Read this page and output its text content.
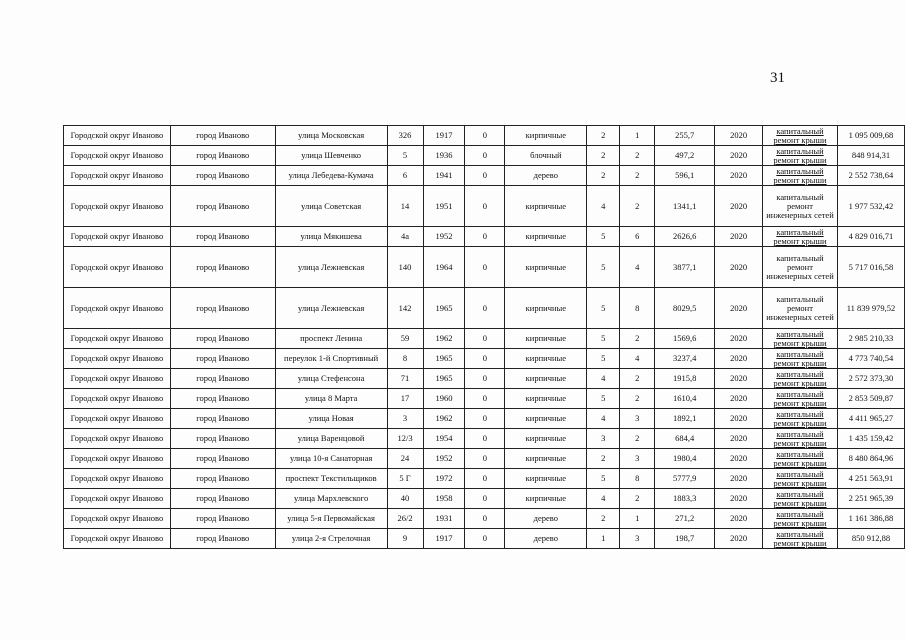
31
Городской округ Иваново	город Иваново	улица Московская	326	1917	0	кирпичные	2	1	255,7	2020	капитальный ремонт крыши	1 095 009,68
Городской округ Иваново	город Иваново	улица Шевченко	5	1936	0	блочный	2	2	497,2	2020	капитальный ремонт крыши	848 914,31
Городской округ Иваново	город Иваново	улица Лебедева-Кумача	6	1941	0	дерево	2	2	596,1	2020	капитальный ремонт крыши	2 552 738,64
Городской округ Иваново	город Иваново	улица Советская	14	1951	0	кирпичные	4	2	1341,1	2020	капитальный ремонт инженерных сетей	1 977 532,42
Городской округ Иваново	город Иваново	улица Мякишева	4а	1952	0	кирпичные	5	6	2626,6	2020	капитальный ремонт крыши	4 829 016,71
Городской округ Иваново	город Иваново	улица Лежневская	140	1964	0	кирпичные	5	4	3877,1	2020	капитальный ремонт инженерных сетей	5 717 016,58
Городской округ Иваново	город Иваново	улица Лежневская	142	1965	0	кирпичные	5	8	8029,5	2020	капитальный ремонт инженерных сетей	11 839 979,52
Городской округ Иваново	город Иваново	проспект Ленина	59	1962	0	кирпичные	5	2	1569,6	2020	капитальный ремонт крыши	2 985 210,33
Городской округ Иваново	город Иваново	переулок 1-й Спортивный	8	1965	0	кирпичные	5	4	3237,4	2020	капитальный ремонт крыши	4 773 740,54
Городской округ Иваново	город Иваново	улица Стефенсона	71	1965	0	кирпичные	4	2	1915,8	2020	капитальный ремонт крыши	2 572 373,30
Городской округ Иваново	город Иваново	улица 8 Марта	17	1960	0	кирпичные	5	2	1610,4	2020	капитальный ремонт крыши	2 853 509,87
Городской округ Иваново	город Иваново	улица Новая	3	1962	0	кирпичные	4	3	1892,1	2020	капитальный ремонт крыши	4 411 965,27
Городской округ Иваново	город Иваново	улица Варенцовой	12/3	1954	0	кирпичные	3	2	684,4	2020	капитальный ремонт крыши	1 435 159,42
Городской округ Иваново	город Иваново	улица 10-я Санаторная	24	1952	0	кирпичные	2	3	1980,4	2020	капитальный ремонт крыши	8 480 864,96
Городской округ Иваново	город Иваново	проспект Текстильщиков	5 Г	1972	0	кирпичные	5	8	5777,9	2020	капитальный ремонт крыши	4 251 563,91
Городской округ Иваново	город Иваново	улица Мархлевского	40	1958	0	кирпичные	4	2	1883,3	2020	капитальный ремонт крыши	2 251 965,39
Городской округ Иваново	город Иваново	улица 5-я Первомайская	26/2	1931	0	дерево	2	1	271,2	2020	капитальный ремонт крыши	1 161 386,88
Городской округ Иваново	город Иваново	улица 2-я Стрелочная	9	1917	0	дерево	1	3	198,7	2020	капитальный ремонт крыши	850 912,88
